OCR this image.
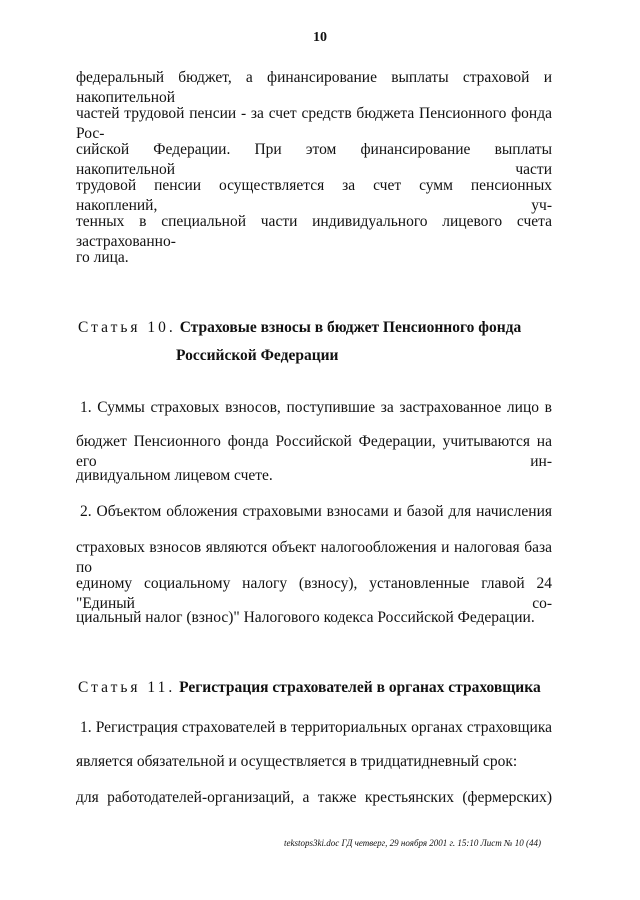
10
федеральный бюджет, а финансирование выплаты страховой и накопительной
частей трудовой пенсии - за счет средств бюджета Пенсионного фонда Рос-
сийской Федерации. При этом финансирование выплаты накопительной части
трудовой пенсии осуществляется за счет сумм пенсионных накоплений, уч-
тенных в специальной части индивидуального лицевого счета застрахованно-
го лица.
Статья 10. Страховые взносы в бюджет Пенсионного фонда
Российской Федерации
1. Суммы страховых взносов, поступившие за застрахованное лицо в
бюджет Пенсионного фонда Российской Федерации, учитываются на его ин-
дивидуальном лицевом счете.
2. Объектом обложения страховыми взносами и базой для начисления
страховых взносов являются объект налогообложения и налоговая база по
единому социальному налогу (взносу), установленные главой 24 "Единый со-
циальный налог (взнос)" Налогового кодекса Российской Федерации.
Статья 11. Регистрация страхователей в органах страховщика
1. Регистрация страхователей в территориальных органах страховщика
является обязательной и осуществляется в тридцатидневный срок:
для работодателей-организаций, а также крестьянских (фермерских)
tekstops3ki.doc ГД четверг, 29 ноября 2001 г. 15:10 Лист № 10 (44)
